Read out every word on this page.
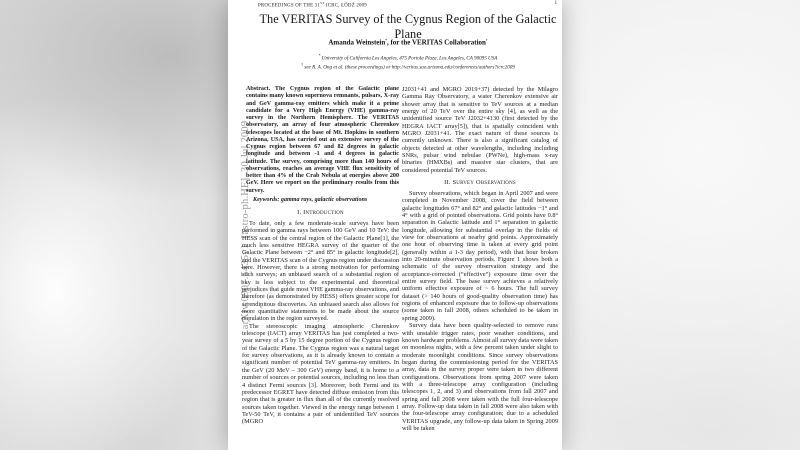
PROCEEDINGS OF THE 31ST ICRC, ŁÓDŹ 2009
1
The VERITAS Survey of the Cygnus Region of the Galactic Plane
Amanda Weinstein*, for the VERITAS Collaboration†
* University of California Los Angeles, 475 Portola Plaza, Los Angeles, CA 90095 USA
† see R. A. Ong et al. (these proceedings) or http://veritas.sao.arizona.edu/conferences/authors?icrc2009
arXiv:0907.5435v1  [astro-ph.HE]  30 Jul 2009

Abstract. The Cygnus region of the Galactic plane contains many known supernova remnants, pulsars, X-ray and GeV gamma-ray emitters which make it a prime candidate for a Very High Energy (VHE) gamma-ray survey in the Northern Hemisphere. The VERITAS observatory, an array of four atmospheric Cherenkov telescopes located at the base of Mt. Hopkins in southern Arizona, USA, has carried out an extensive survey of the Cygnus region between 67 and 82 degrees in galactic longitude and between -1 and 4 degrees in galactic latitude. The survey, comprising more than 140 hours of observations, reaches an average VHE flux sensitivity of better than 4% of the Crab Nebula at energies above 200 GeV. Here we report on the preliminary results from this survey.

Keywords: gamma rays, galactic observations

I. Introduction

To date, only a few moderate-scale surveys have been performed in gamma rays between 100 GeV and 10 TeV: the HESS scan of the central region of the Galactic Plane[1], the much less sensitive HEGRA survey of the quarter of the Galactic Plane between −2° and 85° in galactic longitude[2], and the VERITAS scan of the Cygnus region under discussion here. However, there is a strong motivation for performing such surveys; an unbiased search of a substantial region of sky is less subject to the experimental and theoretical prejudices that guide most VHE gamma-ray observations, and therefore (as demonstrated by HESS) offers greater scope for serendipitous discoveries. An unbiased search also allows for more quantitative statements to be made about the source population in the region surveyed.

The stereoscopic imaging atmospheric Cherenkov telescope (IACT) array VERITAS has just completed a two-year survey of a 5 by 15 degree portion of the Cygnus region of the Galactic Plane. The Cygnus region was a natural target for survey observations, as it is already known to contain a significant number of potential TeV gamma-ray emitters. In the GeV (20 MeV – 300 GeV) energy band, it is home to a number of sources or potential sources, including no less than 4 distinct Fermi sources [3]. Moreover, both Fermi and its predecessor EGRET have detected diffuse emission from this region that is greater in flux than all of the currently resolved sources taken together. Viewed in the energy range between 1 TeV-50 TeV, it contains a pair of unidentified TeV sources (MGRO

J2031+41 and MGRO 2019+37) detected by the Milagro Gamma Ray Observatory, a water Cherenkov extensive air shower array that is sensitive to TeV sources at a median energy of 20 TeV over the entire sky [4], as well as the unidentified source TeV J2032+4130 (first detected by the HEGRA IACT array[5]), that is spatially coincident with MGRO J2031+41. The exact nature of these sources is currently unknown. There is also a significant catalog of objects detected at other wavelengths, including including SNRs, pulsar wind nebulae (PWNe), high-mass x-ray binaries (HMXBs) and massive star clusters, that are considered potential TeV sources.

II. Survey Observations

Survey observations, which began in April 2007 and were completed in November 2008, cover the field between galactic longitudes 67° and 82° and galactic latitudes −1° and 4° with a grid of pointed observations. Grid points have 0.8° separation in Galactic latitude and 1° separation in galactic longitude, allowing for substantial overlap in the fields of view for observations at nearby grid points. Approximately one hour of observing time is taken at every grid point (generally within a 1-3 day period), with that hour broken into 20-minute observation periods. Figure 1 shows both a schematic of the survey observation strategy and the acceptance-corrected (“effective”) exposure time over the entire survey field. The base survey achieves a relatively uniform effective exposure of ~ 6 hours. The full survey dataset (> 140 hours of good-quality observation time) has regions of enhanced exposure due to follow-up observations (some taken in fall 2008, others scheduled to be taken in spring 2009).

Survey data have been quality-selected to remove runs with unstable trigger rates, poor weather conditions, and known hardware problems. Almost all survey data were taken on moonless nights, with a few percent taken under slight to moderate moonlight conditions. Since survey observations began during the commissioning period for the VERITAS array, data in the survey proper were taken in two different configurations. Observations from spring 2007 were taken with a three-telescope array configuration (including telescopes 1, 2, and 3) and observations from fall 2007 and spring and fall 2008 were taken with the full four-telescope array. Follow-up data taken in fall 2008 were also taken with the four-telescope array configuration; due to a scheduled VERITAS upgrade, any follow-up data taken in Spring 2009 will be taken
